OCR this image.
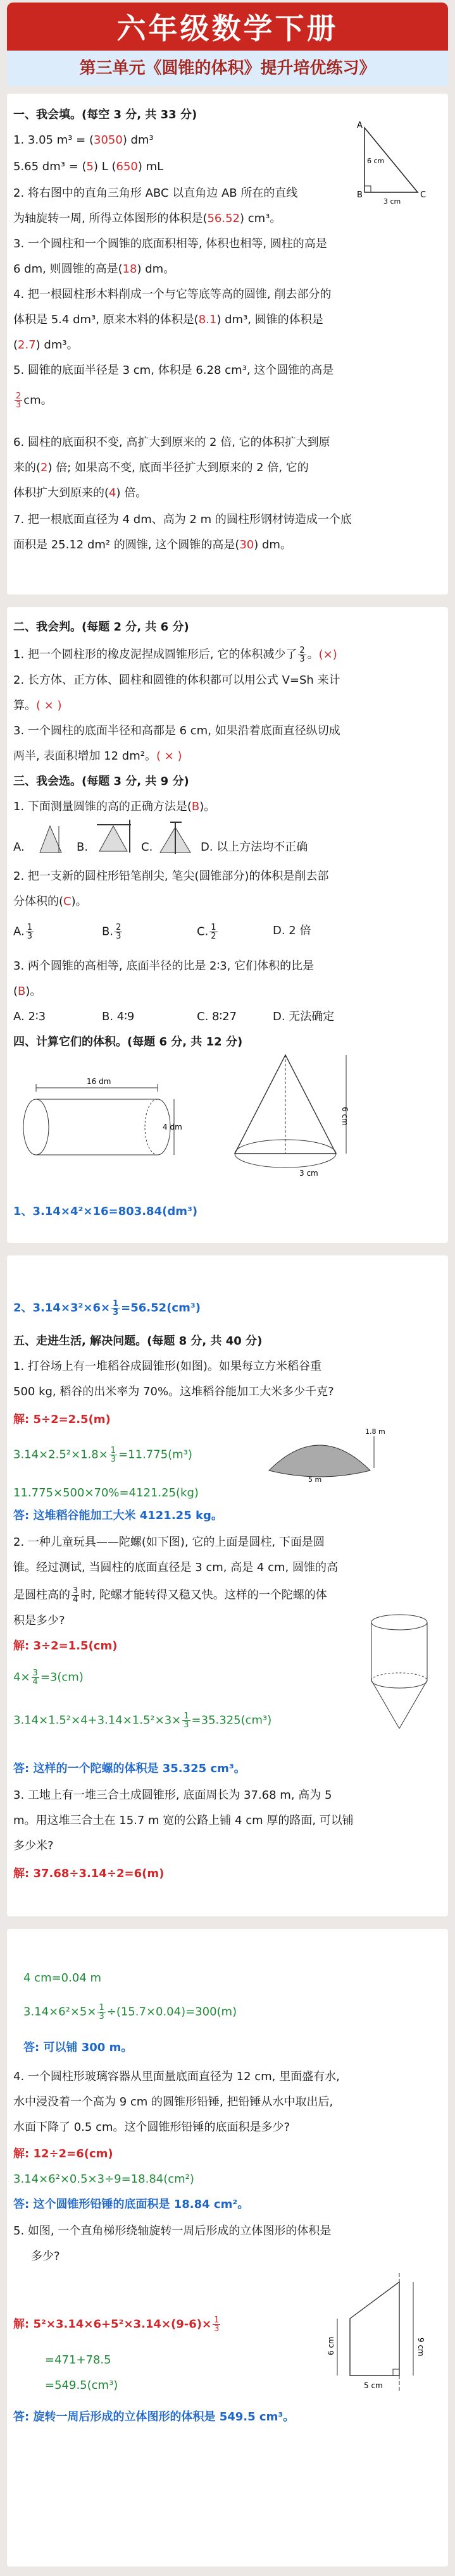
六年级数学下册
第三单元《圆锥的体积》提升培优练习》
一、我会填。(每空 3 分, 共 33 分)
1. 3.05 m³ = (3050) dm³
5.65 dm³ = (5) L (650) mL
2. 将右图中的直角三角形 ABC 以直角边 AB 所在的直线
为轴旋转一周, 所得立体图形的体积是(56.52) cm³。
3. 一个圆柱和一个圆锥的底面积相等, 体积也相等, 圆柱的高是
6 dm, 则圆锥的高是(18) dm。
4. 把一根圆柱形木料削成一个与它等底等高的圆锥, 削去部分的
体积是 5.4 dm³, 原来木料的体积是(8.1) dm³, 圆锥的体积是
(2.7) dm³。
5. 圆锥的底面半径是 3 cm, 体积是 6.28 cm³, 这个圆锥的高是
$\frac{2}{3}$ cm。
6. 圆柱的底面积不变, 高扩大到原来的 2 倍, 它的体积扩大到原
来的(2) 倍; 如果高不变, 底面半径扩大到原来的 2 倍, 它的
体积扩大到原来的(4) 倍。
7. 把一根底面直径为 4 dm、高为 2 m 的圆柱形钢材铸造成一个底
面积是 25.12 dm² 的圆锥, 这个圆锥的高是(30) dm。
A
B	C
6 cm
3 cm
二、我会判。(每题 2 分, 共 6 分)
1. 把一个圆柱形的橡皮泥捏成圆锥形后, 它的体积减少了 $\frac{2}{3}$ 。(×)
2. 长方体、正方体、圆柱和圆锥的体积都可以用公式 V=Sh 来计
算。( × )
3. 一个圆柱的底面半径和高都是 6 cm, 如果沿着底面直径纵切成
两半, 表面积增加 12 dm²。( × )
三、我会选。(每题 3 分, 共 9 分)
1. 下面测量圆锥的高的正确方法是(B)。
A.	B.	C.	D. 以上方法均不正确
2. 把一支新的圆柱形铅笔削尖, 笔尖(圆锥部分)的体积是削去部
分体积的(C)。
A. $\frac{1}{3}$	B. $\frac{2}{3}$	C. $\frac{1}{2}$	D. 2 倍
3. 两个圆锥的高相等, 底面半径的比是 2∶3, 它们体积的比是
(B)。
A. 2∶3	B. 4∶9	C. 8∶27	D. 无法确定
四、计算它们的体积。(每题 6 分, 共 12 分)
16 dm
4 dm
6 cm
3 cm
1、3.14×4²×16=803.84(dm³)
2、$3.14\times 3^2\times 6\times \frac{1}{3} =56.52(cm^3)$
五、走进生活, 解决问题。(每题 8 分, 共 40 分)
1. 打谷场上有一堆稻谷成圆锥形(如图)。如果每立方米稻谷重
500 kg, 稻谷的出米率为 70%。这堆稻谷能加工大米多少千克?
解: 5÷2=2.5(m)
$3.14\times 2.5^2\times 1.8\times \frac{1}{3} =11.775(m^3)$
11.775×500×70%=4121.25(kg)
答: 这堆稻谷能加工大米 4121.25 kg。
1.8 m
5 m
2. 一种儿童玩具——陀螺(如下图), 它的上面是圆柱, 下面是圆
锥。经过测试, 当圆柱的底面直径是 3 cm, 高是 4 cm, 圆锥的高
是圆柱高的 $\frac{3}{4}$ 时, 陀螺才能转得又稳又快。这样的一个陀螺的体
积是多少?
解: 3÷2=1.5(cm)
$4\times \frac{3}{4} =3(cm)$
$3.14\times 1.5^2\times 4+3.14\times 1.5^2\times 3\times \frac{1}{3} =35.325(cm^3)$
答: 这样的一个陀螺的体积是 35.325 cm³。
3. 工地上有一堆三合土成圆锥形, 底面周长为 37.68 m, 高为 5
m。用这堆三合土在 15.7 m 宽的公路上铺 4 cm 厚的路面, 可以铺
多少米?
解: 37.68÷3.14÷2=6(m)
4 cm=0.04 m
$3.14\times 6^2\times 5\times \frac{1}{3} \div(15.7\times 0.04)=300(m)$
答: 可以铺 300 m。
4. 一个圆柱形玻璃容器从里面量底面直径为 12 cm, 里面盛有水,
水中浸没着一个高为 9 cm 的圆锥形铅锤, 把铅锤从水中取出后,
水面下降了 0.5 cm。这个圆锥形铅锤的底面积是多少?
解: 12÷2=6(cm)
3.14×6²×0.5×3÷9=18.84(cm²)
答: 这个圆锥形铅锤的底面积是 18.84 cm²。
5. 如图, 一个直角梯形绕轴旋转一周后形成的立体图形的体积是
多少?
解: $5^2\times 3.14\times 6+5^2\times 3.14\times(9-6)\times \frac{1}{3}$
=471+78.5
=549.5(cm³)
答: 旋转一周后形成的立体图形的体积是 549.5 cm³。
6 cm	9 cm
5 cm
